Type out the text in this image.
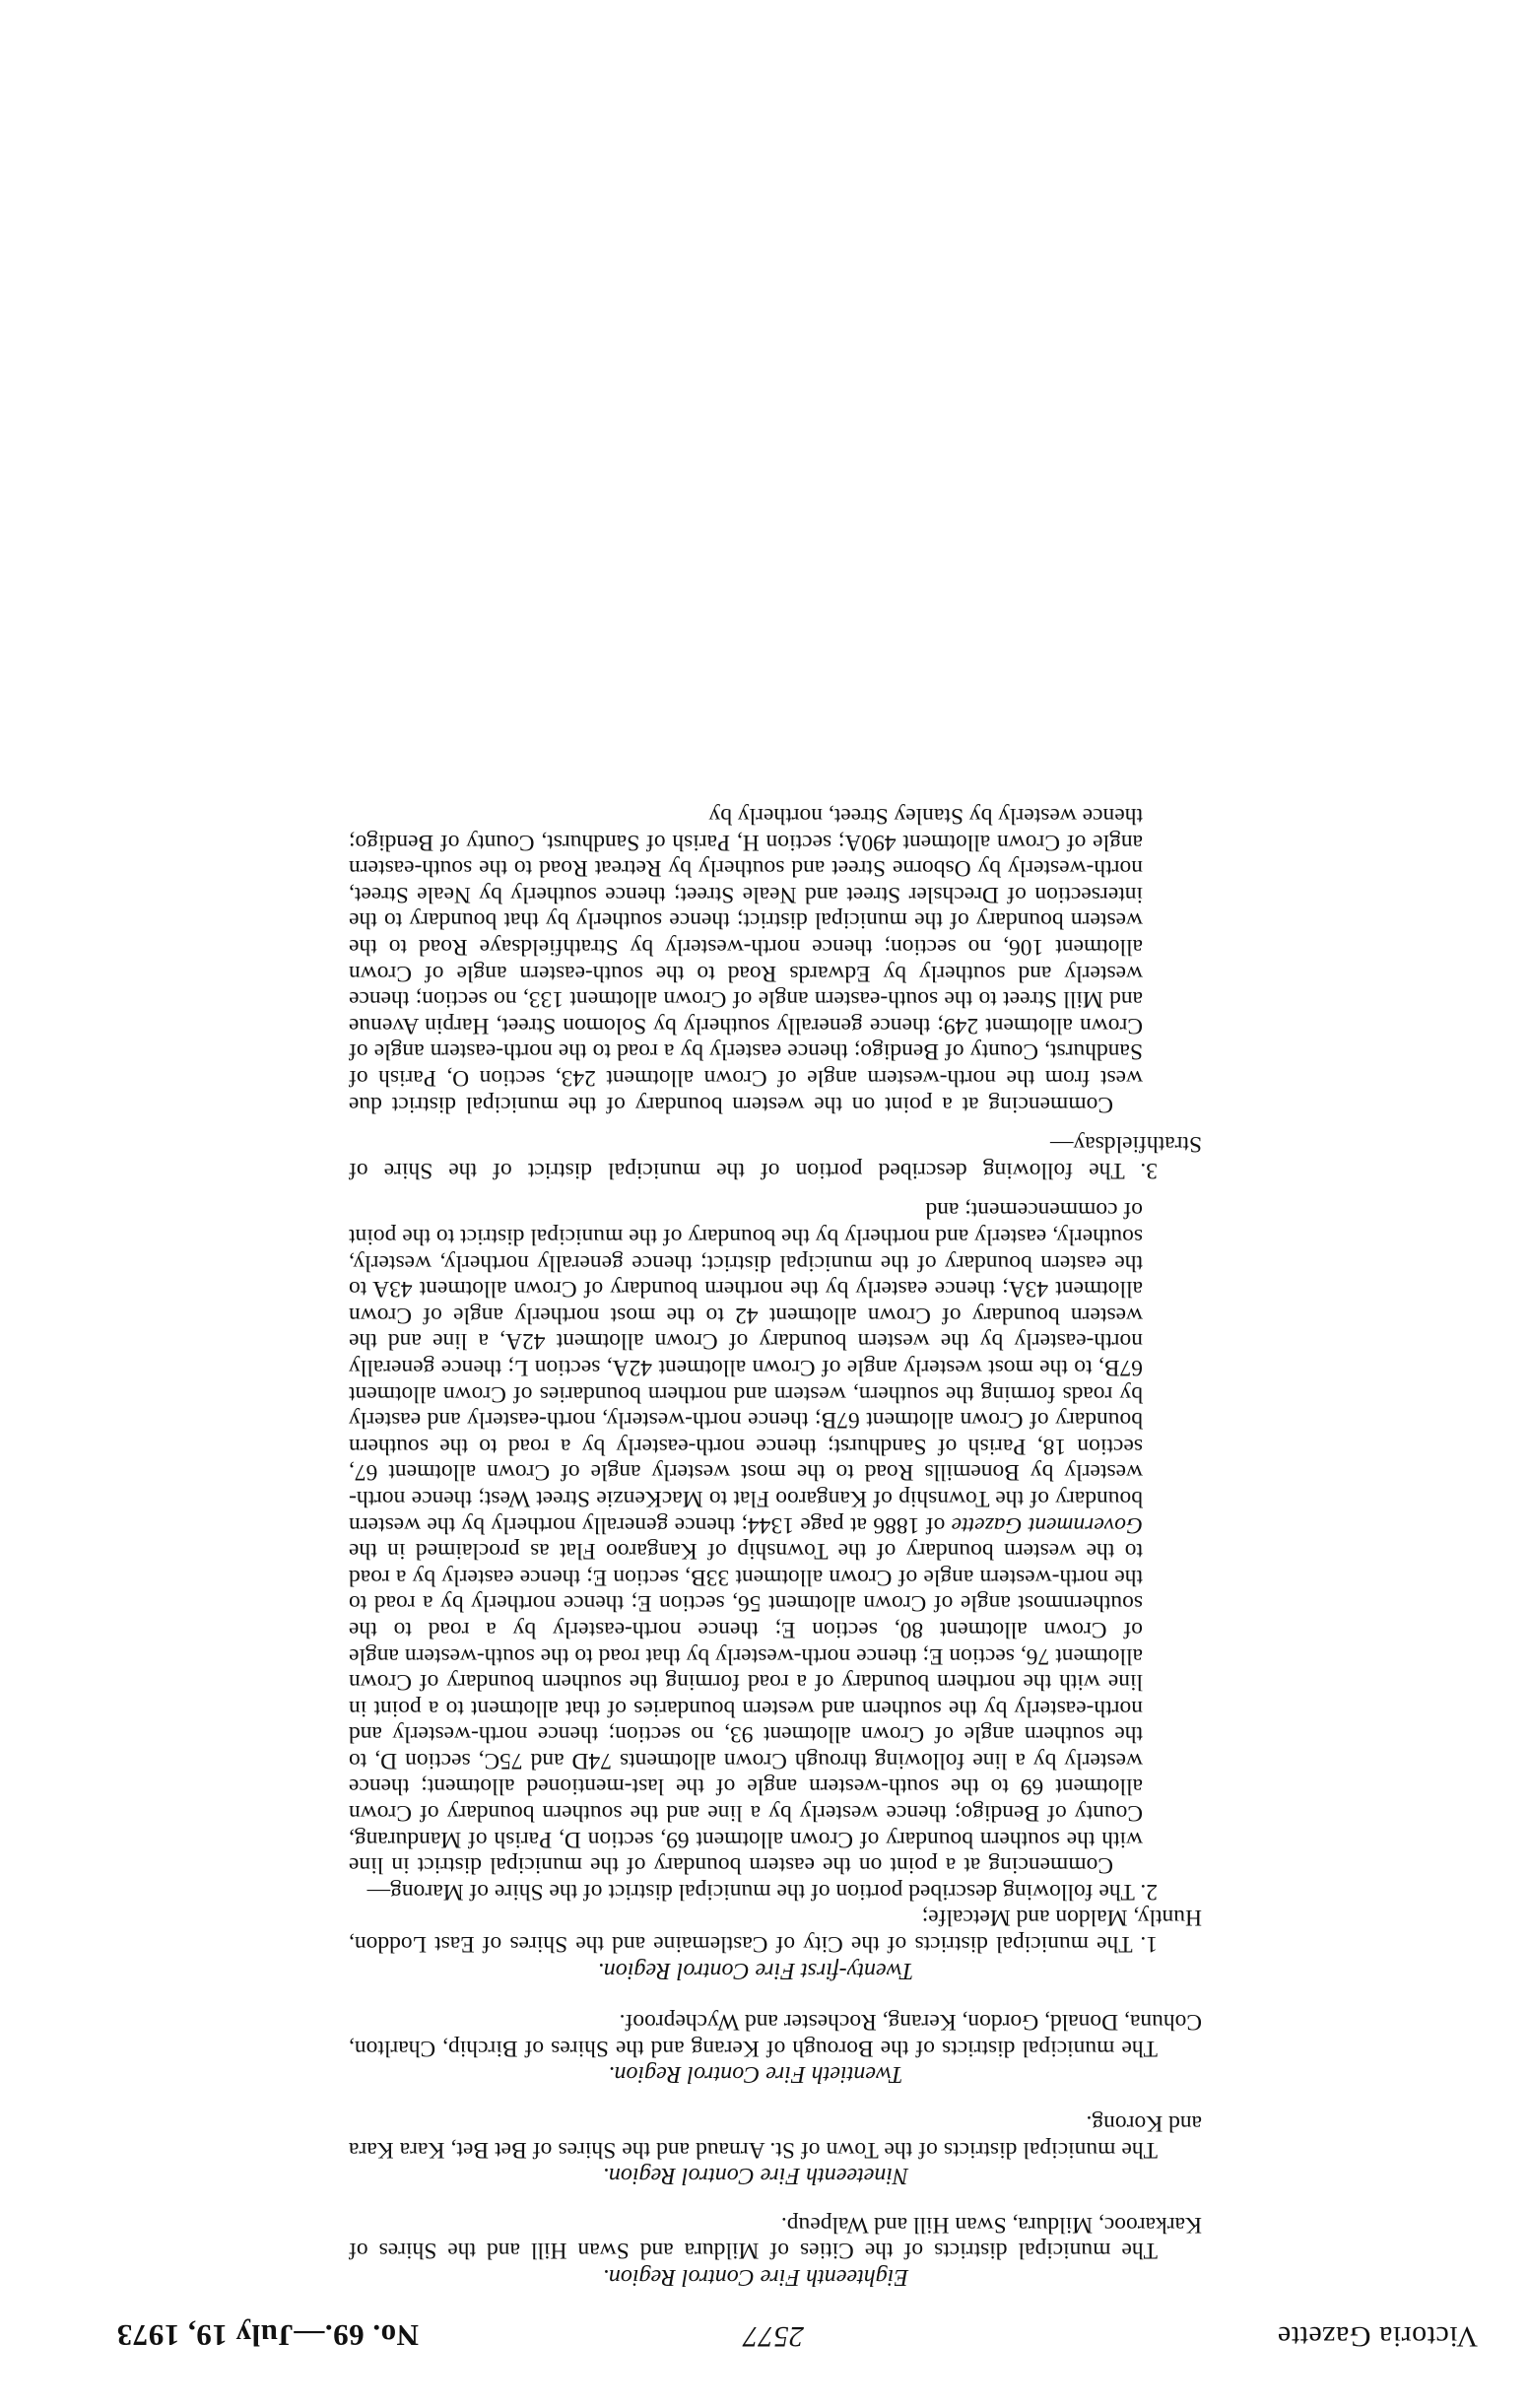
Victoria Gazette
2577
No. 69.—July 19, 1973
Eighteenth Fire Control Region.

The municipal districts of the Cities of Mildura and Swan Hill and the Shires of Karkarooc, Mildura, Swan Hill and Walpeup.

Nineteenth Fire Control Region.

The municipal districts of the Town of St. Arnaud and the Shires of Bet Bet, Kara Kara and Korong.

Twentieth Fire Control Region.

The municipal districts of the Borough of Kerang and the Shires of Birchip, Charlton, Cohuna, Donald, Gordon, Kerang, Rochester and Wycheproof.

Twenty-first Fire Control Region.

1. The municipal districts of the City of Castlemaine and the Shires of East Loddon, Huntly, Maldon and Metcalfe;

2. The following described portion of the municipal district of the Shire of Marong—

Commencing at a point on the eastern boundary of the municipal district in line with the southern boundary of Crown allotment 69, section D, Parish of Mandurang, County of Bendigo; thence westerly by a line and the southern boundary of Crown allotment 69 to the south-western angle of the last-mentioned allotment; thence westerly by a line following through Crown allotments 74D and 75C, section D, to the southern angle of Crown allotment 93, no section; thence north-westerly and north-easterly by the southern and western boundaries of that allotment to a point in line with the northern boundary of a road forming the southern boundary of Crown allotment 76, section E; thence north-westerly by that road to the south-western angle of Crown allotment 80, section E; thence north-easterly by a road to the southernmost angle of Crown allotment 56, section E; thence northerly by a road to the north-western angle of Crown allotment 33B, section E; thence easterly by a road to the western boundary of the Township of Kangaroo Flat as proclaimed in the Government Gazette of 1886 at page 1344; thence generally northerly by the western boundary of the Township of Kangaroo Flat to MacKenzie Street West; thence north-westerly by Bonemills Road to the most westerly angle of Crown allotment 67, section 18, Parish of Sandhurst; thence north-easterly by a road to the southern boundary of Crown allotment 67B; thence north-westerly, north-easterly and easterly by roads forming the southern, western and northern boundaries of Crown allotment 67B, to the most westerly angle of Crown allotment 42A, section L; thence generally north-easterly by the western boundary of Crown allotment 42A, a line and the western boundary of Crown allotment 42 to the most northerly angle of Crown allotment 43A; thence easterly by the northern boundary of Crown allotment 43A to the eastern boundary of the municipal district; thence generally northerly, westerly, southerly, easterly and northerly by the boundary of the municipal district to the point of commencement; and

3. The following described portion of the municipal district of the Shire of Strathfieldsay—

Commencing at a point on the western boundary of the municipal district due west from the north-western angle of Crown allotment 243, section O, Parish of Sandhurst, County of Bendigo; thence easterly by a road to the north-eastern angle of Crown allotment 249; thence generally southerly by Solomon Street, Harpin Avenue and Mill Street to the south-eastern angle of Crown allotment 133, no section; thence westerly and southerly by Edwards Road to the south-eastern angle of Crown allotment 106, no section; thence north-westerly by Strathfieldsaye Road to the western boundary of the municipal district; thence southerly by that boundary to the intersection of Drechsler Street and Neale Street; thence southerly by Neale Street, north-westerly by Osborne Street and southerly by Retreat Road to the south-eastern angle of Crown allotment 490A; section H, Parish of Sandhurst, County of Bendigo; thence westerly by Stanley Street, northerly by
